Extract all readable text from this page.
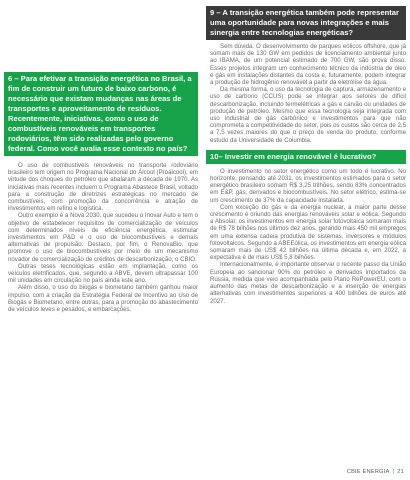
6 – Para efetivar a transição energética no Brasil, a fim de construir um futuro de baixo carbono, é necessário que existam mudanças nas áreas de transportes e aproveitamento de resíduos. Recentemente, iniciativas, como o uso de combustíveis renováveis em transportes rodoviários, têm sido realizadas pelo governo federal. Como você avalia esse contexto no país?

O uso de combustíveis renováveis no transporte rodoviário brasileiro tem origem no Programa Nacional do Álcool (Proálcool), em virtude dos choques do petróleo que abalaram a década de 1970. As iniciativas mais recentes incluem o Programa Abastece Brasil, voltado para a construção de diretrizes estratégicas no mercado de combustíveis, com promoção da concorrência e atração de investimentos em refino e logística.

Outro exemplo é a Nova 2030, que sucedeu o Inovar Auto e tem o objetivo de estabelecer requisitos de comercialização de veículos com determinados níveis de eficiência energética, estimular investimentos em P&D e o uso de biocombustíveis e demais alternativas de propulsão. Destaco, por fim, o RenovaBio, que promove o uso de biocombustíveis por meio de um mecanismo novador de comercialização de créditos de descarbonização, o CBIO.

Outras teses tecnológicas estão em implantação, como os veículos eletrificados, que, segundo a ABVE, devem ultrapassar 100 mil unidades em circulação no país ainda este ano.

Além disso, o uso do biogás e biometano também ganhou maior impulso, com a criação da Estratégia Federal de Incentivo ao Uso de Biogás e Biometano, entre outras, para a promoção do abastecimento de veículos leves e pesados, e embarcações.

9 – A transição energética também pode representar uma oportunidade para novas integrações e mais sinergia entre tecnologias energéticas?

Sem dúvida. O desenvolvimento de parques eólicos offshore, que já somam mais de 130 GW em pedidos de licenciamento ambiental junto ao IBAMA, de um potencial estimado de 700 GW, são prova disso. Esses projetos integram um conhecimento técnico da indústria de óleo e gás em instalações distantes da costa e, futuramente, podem integrar a produção de hidrogênio renovável a partir da eletrólise da água.

Da mesma forma, o uso da tecnologia de captura, armazenamento e uso de carbono (CCUS) pode se integrar aos setores de difícil descarbonização, incluindo termelétricas a gás e carvão ou unidades de produção de petróleo. Mesmo que essa tecnologia seja integrada com uso industrial de gás carbônico e investimentos para que não comprometa a competitividade do setor, pois os custos são cerca de 2,5 a 7,5 vezes maiores do que o preço de venda do produto, conforme estudo da Universidade de Columbia.

10– Investir em energia renovável é lucrativo?

O investimento no setor energético como um todo é lucrativo. No horizonte, pensando até 2031, os investimentos estimados para o setor energético brasileiro somam R$ 3,25 trilhões, sendo 83% concentrados em E&P, gás, derivados e biocombustíveis. No setor elétrico, estima-se um crescimento de 37% da capacidade instalada.

Com exceção do gás e da energia nuclear, a maior parte desse crescimento é oriundo das energias renováveis solar e eólica. Segundo a Absolar, os investimentos em energia solar fotovoltaica somaram mais de R$ 78 bilhões nos últimos dez anos, gerando mais 450 mil empregos em uma extensa cadeia produtiva de sistemas, inversores e módulos fotovoltaicos. Segundo a ABEEólica, os investimentos em energia eólica somaram mais de US$ 42 bilhões na última década e, em 2022, a expectativa é de mais US$ 5,8 bilhões.

Internacionalmente, é importante observar o recente passo da União Europeia ao sancionar 90% do petróleo e derivados importados da Rússia, medida que veio acompanhada pelo Plano RePowerEU, com o aumento das metas de descarbonização e a inserção de energias alternativas com investimentos superiores a 400 bilhões de euros até 2027.

CBIE ENERGIA | 21
